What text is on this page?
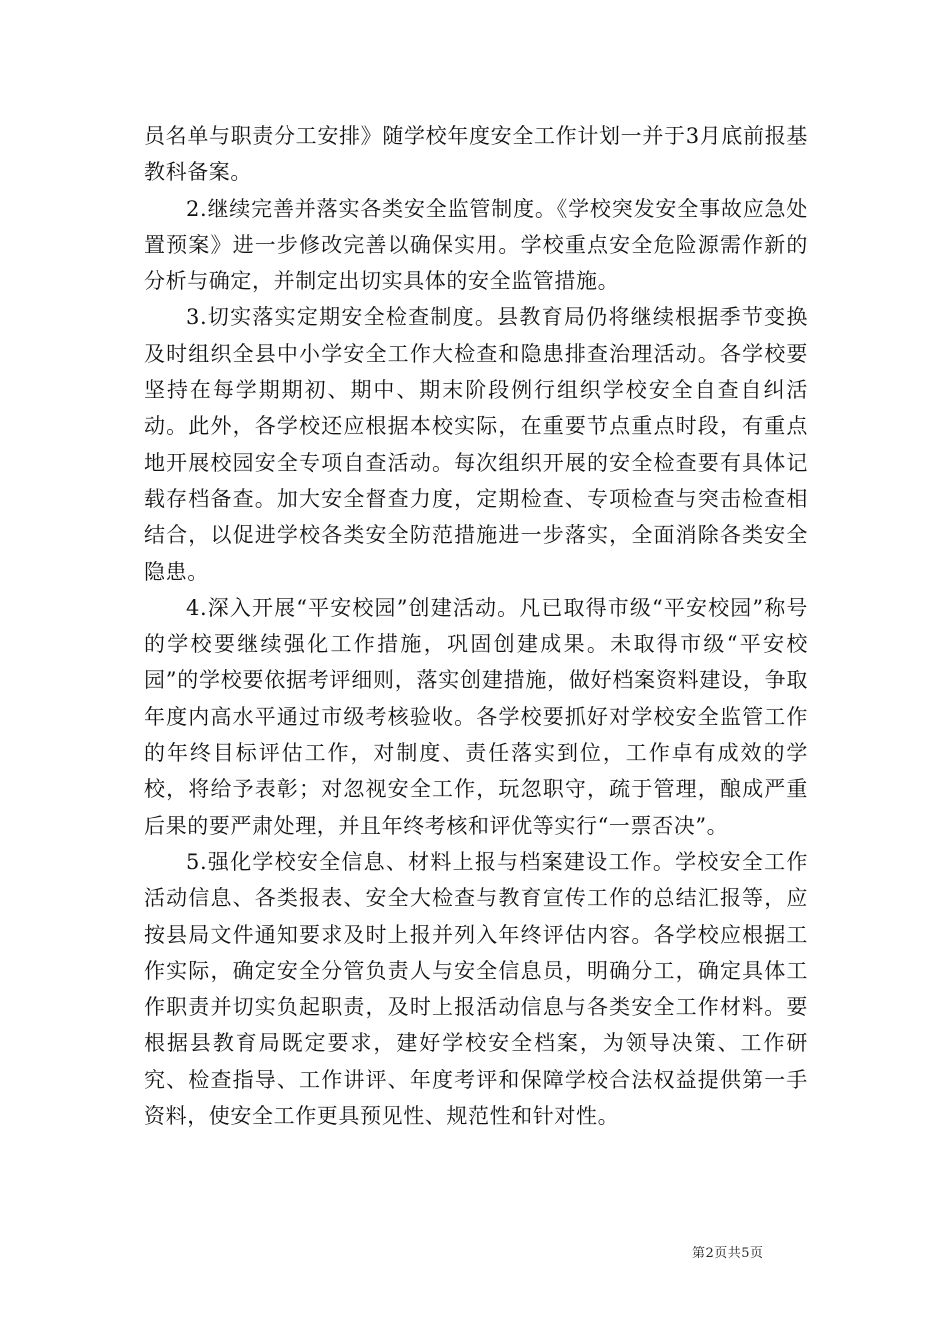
员名单与职责分工安排》随学校年度安全工作计划一并于3月底前报基教科备案。

2.继续完善并落实各类安全监管制度。《学校突发安全事故应急处置预案》进一步修改完善以确保实用。学校重点安全危险源需作新的分析与确定，并制定出切实具体的安全监管措施。

3.切实落实定期安全检查制度。县教育局仍将继续根据季节变换及时组织全县中小学安全工作大检查和隐患排查治理活动。各学校要坚持在每学期期初、期中、期末阶段例行组织学校安全自查自纠活动。此外，各学校还应根据本校实际，在重要节点重点时段，有重点地开展校园安全专项自查活动。每次组织开展的安全检查要有具体记载存档备查。加大安全督查力度，定期检查、专项检查与突击检查相结合，以促进学校各类安全防范措施进一步落实，全面消除各类安全隐患。

4.深入开展“平安校园”创建活动。凡已取得市级“平安校园”称号的学校要继续强化工作措施，巩固创建成果。未取得市级“平安校园”的学校要依据考评细则，落实创建措施，做好档案资料建设，争取年度内高水平通过市级考核验收。各学校要抓好对学校安全监管工作的年终目标评估工作，对制度、责任落实到位，工作卓有成效的学校，将给予表彰；对忽视安全工作，玩忽职守，疏于管理，酿成严重后果的要严肃处理，并且年终考核和评优等实行“一票否决”。

5.强化学校安全信息、材料上报与档案建设工作。学校安全工作活动信息、各类报表、安全大检查与教育宣传工作的总结汇报等，应按县局文件通知要求及时上报并列入年终评估内容。各学校应根据工作实际，确定安全分管负责人与安全信息员，明确分工，确定具体工作职责并切实负起职责，及时上报活动信息与各类安全工作材料。要根据县教育局既定要求，建好学校安全档案，为领导决策、工作研究、检查指导、工作讲评、年度考评和保障学校合法权益提供第一手资料，使安全工作更具预见性、规范性和针对性。

第2页共5页
